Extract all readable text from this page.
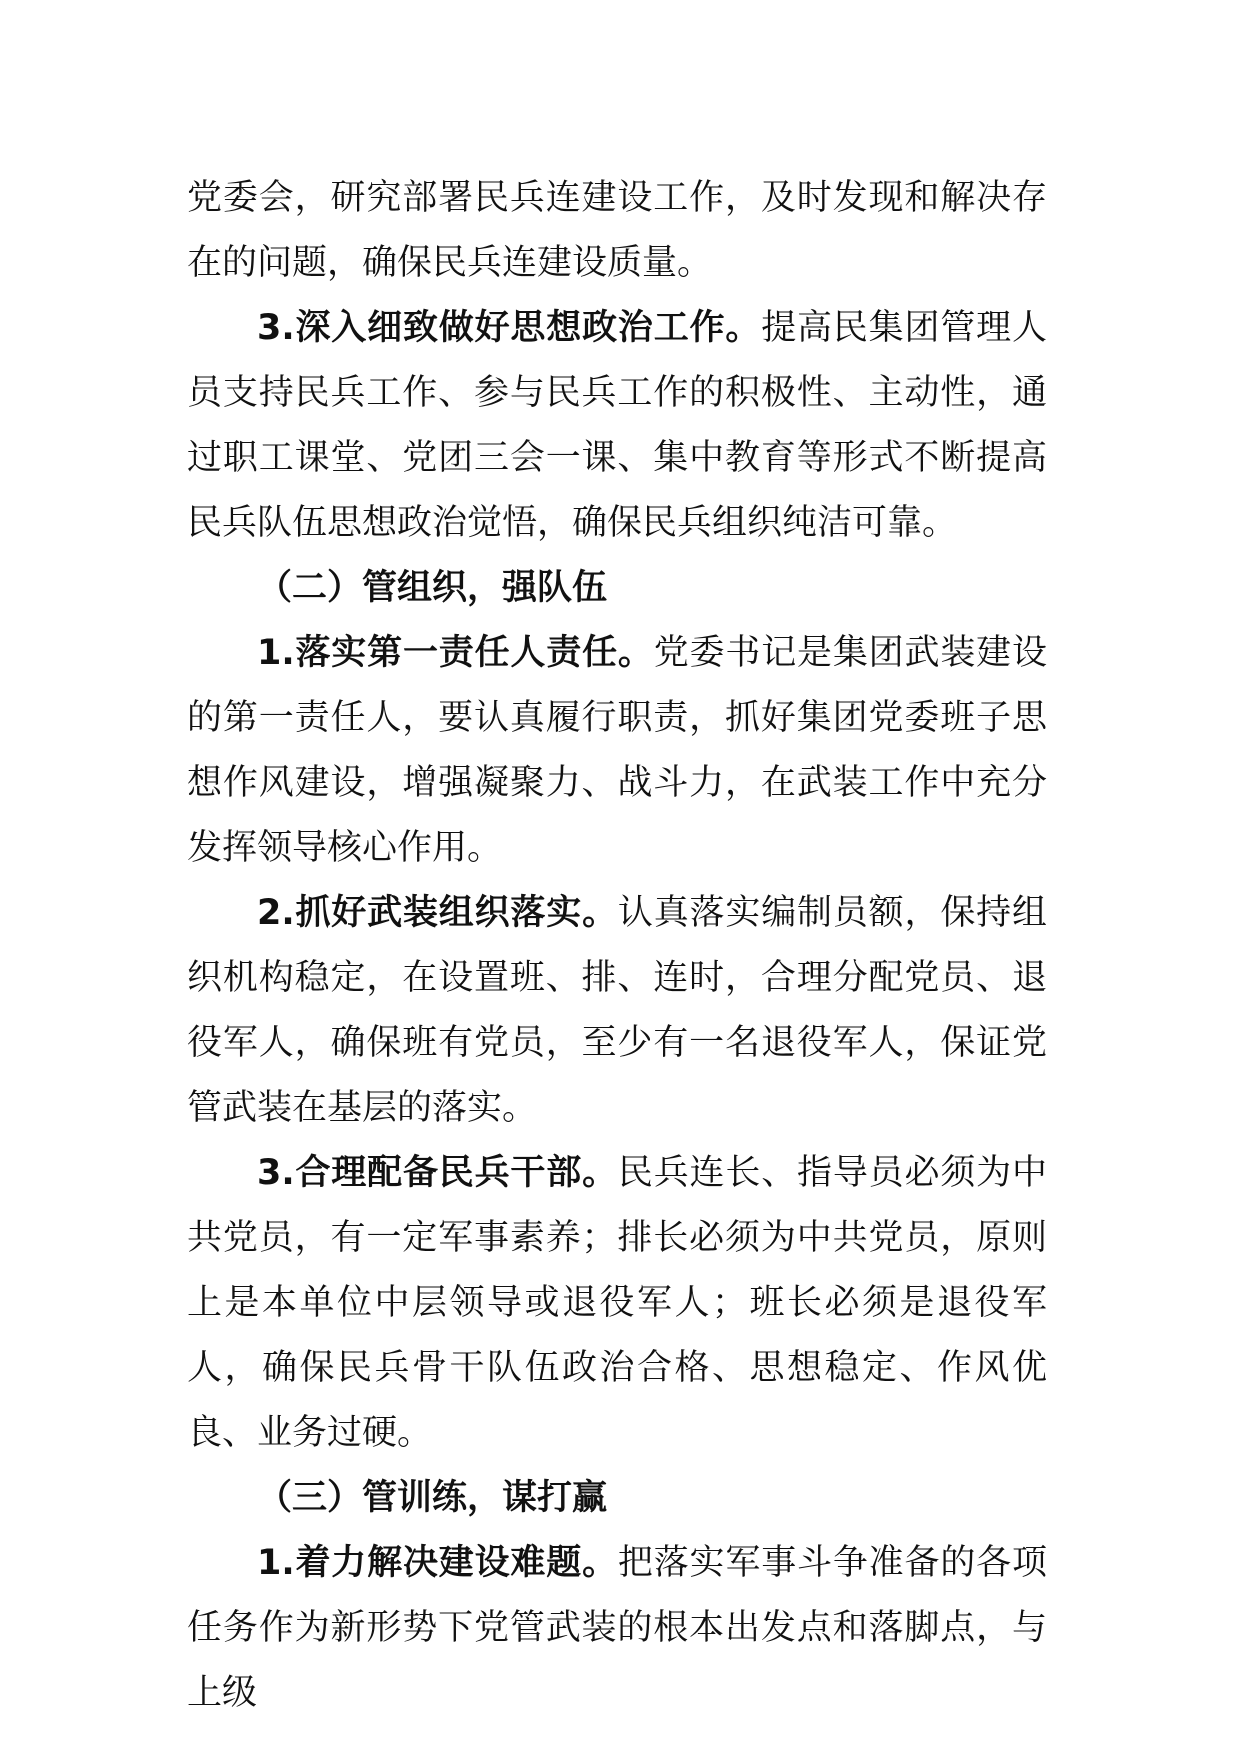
党委会，研究部署民兵连建设工作，及时发现和解决存在的问题，确保民兵连建设质量。

3.深入细致做好思想政治工作。提高民集团管理人员支持民兵工作、参与民兵工作的积极性、主动性，通过职工课堂、党团三会一课、集中教育等形式不断提高民兵队伍思想政治觉悟，确保民兵组织纯洁可靠。

（二）管组织，强队伍

1.落实第一责任人责任。党委书记是集团武装建设的第一责任人，要认真履行职责，抓好集团党委班子思想作风建设，增强凝聚力、战斗力，在武装工作中充分发挥领导核心作用。

2.抓好武装组织落实。认真落实编制员额，保持组织机构稳定，在设置班、排、连时，合理分配党员、退役军人，确保班有党员，至少有一名退役军人，保证党管武装在基层的落实。

3.合理配备民兵干部。民兵连长、指导员必须为中共党员，有一定军事素养；排长必须为中共党员，原则上是本单位中层领导或退役军人；班长必须是退役军人，确保民兵骨干队伍政治合格、思想稳定、作风优良、业务过硬。

（三）管训练，谋打赢

1.着力解决建设难题。把落实军事斗争准备的各项任务作为新形势下党管武装的根本出发点和落脚点，与上级
